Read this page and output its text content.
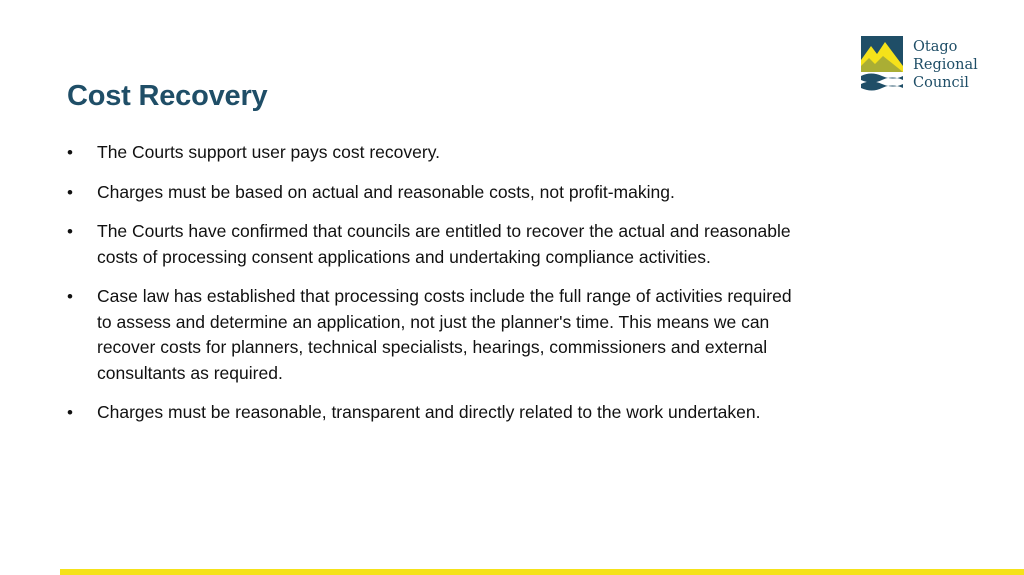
Cost Recovery
Otago
Regional
Council
•	The Courts support user pays cost recovery.
•	Charges must be based on actual and reasonable costs, not profit-making.
•	The Courts have confirmed that councils are entitled to recover the actual and reasonable costs of processing consent applications and undertaking compliance activities.
•	Case law has established that processing costs include the full range of activities required to assess and determine an application, not just the planner's time. This means we can recover costs for planners, technical specialists, hearings, commissioners and external consultants as required.
•	Charges must be reasonable, transparent and directly related to the work undertaken.
